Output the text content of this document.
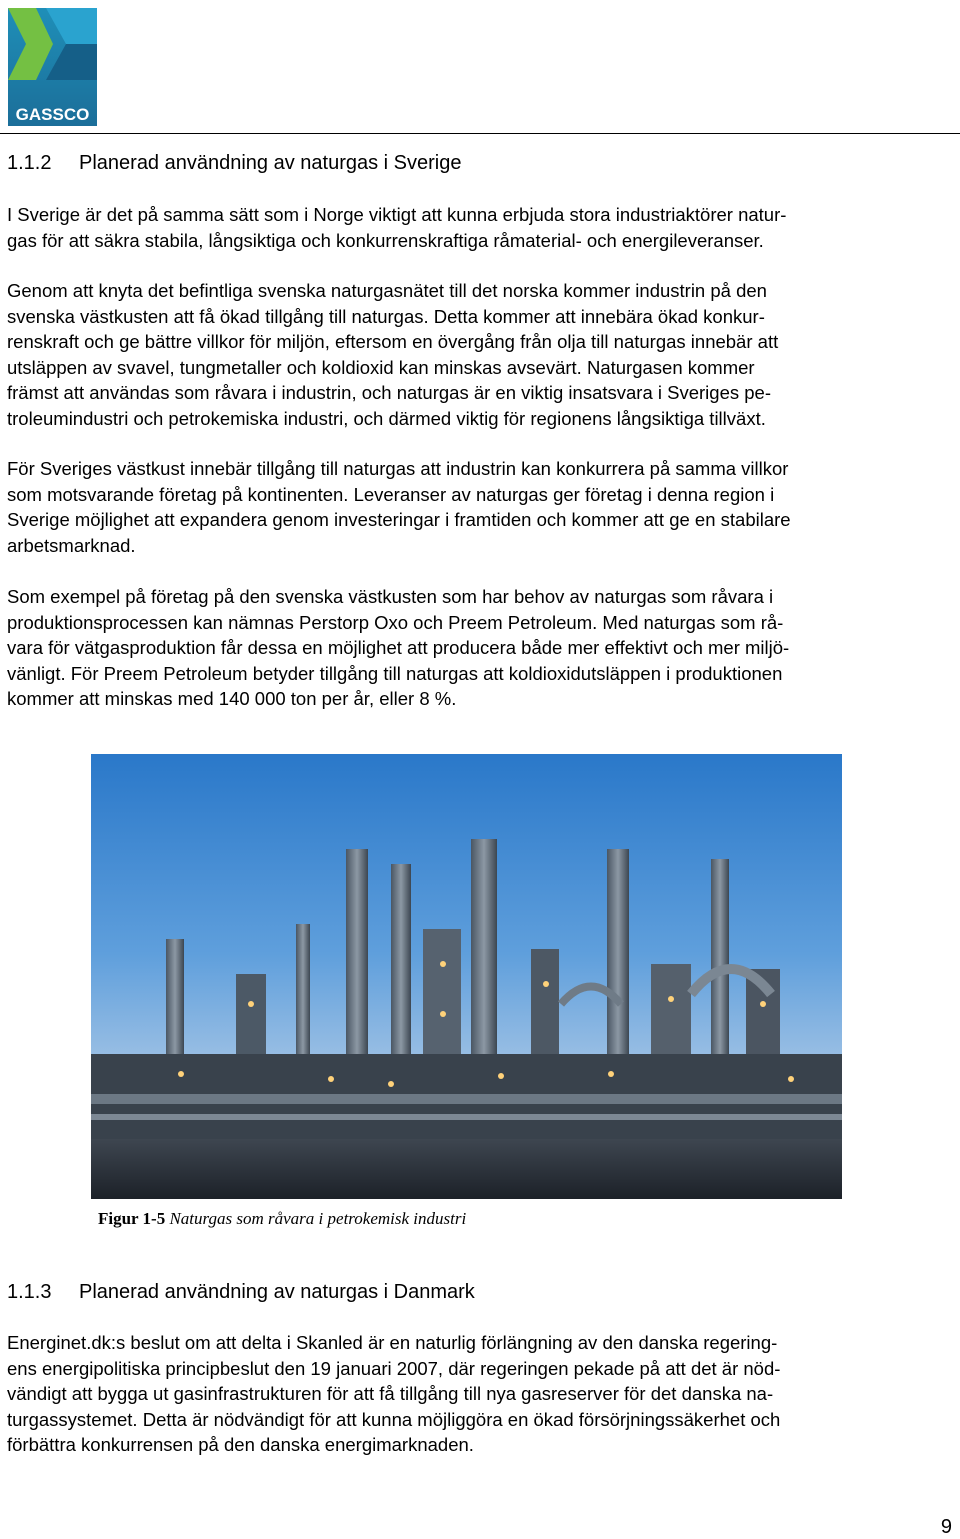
GASSCO
1.1.2 Planerad användning av naturgas i Sverige

I Sverige är det på samma sätt som i Norge viktigt att kunna erbjuda stora industriaktörer natur-
gas för att säkra stabila, långsiktiga och konkurrenskraftiga råmaterial- och energileveranser.

Genom att knyta det befintliga svenska naturgasnätet till det norska kommer industrin på den
svenska västkusten att få ökad tillgång till naturgas. Detta kommer att innebära ökad konkur-
renskraft och ge bättre villkor för miljön, eftersom en övergång från olja till naturgas innebär att
utsläppen av svavel, tungmetaller och koldioxid kan minskas avsevärt. Naturgasen kommer
främst att användas som råvara i industrin, och naturgas är en viktig insatsvara i Sveriges pe-
troleumindustri och petrokemiska industri, och därmed viktig för regionens långsiktiga tillväxt.

För Sveriges västkust innebär tillgång till naturgas att industrin kan konkurrera på samma villkor
som motsvarande företag på kontinenten. Leveranser av naturgas ger företag i denna region i
Sverige möjlighet att expandera genom investeringar i framtiden och kommer att ge en stabilare
arbetsmarknad.

Som exempel på företag på den svenska västkusten som har behov av naturgas som råvara i
produktionsprocessen kan nämnas Perstorp Oxo och Preem Petroleum. Med naturgas som rå-
vara för vätgasproduktion får dessa en möjlighet att producera både mer effektivt och mer miljö-
vänligt. För Preem Petroleum betyder tillgång till naturgas att koldioxidutsläppen i produktionen
kommer att minskas med 140 000 ton per år, eller 8 %.

Figur 1-5 Naturgas som råvara i petrokemisk industri

1.1.3 Planerad användning av naturgas i Danmark

Energinet.dk:s beslut om att delta i Skanled är en naturlig förlängning av den danska regering-
ens energipolitiska principbeslut den 19 januari 2007, där regeringen pekade på att det är nöd-
vändigt att bygga ut gasinfrastrukturen för att få tillgång till nya gasreserver för det danska na-
turgassystemet. Detta är nödvändigt för att kunna möjliggöra en ökad försörjningssäkerhet och
förbättra konkurrensen på den danska energimarknaden.

9
